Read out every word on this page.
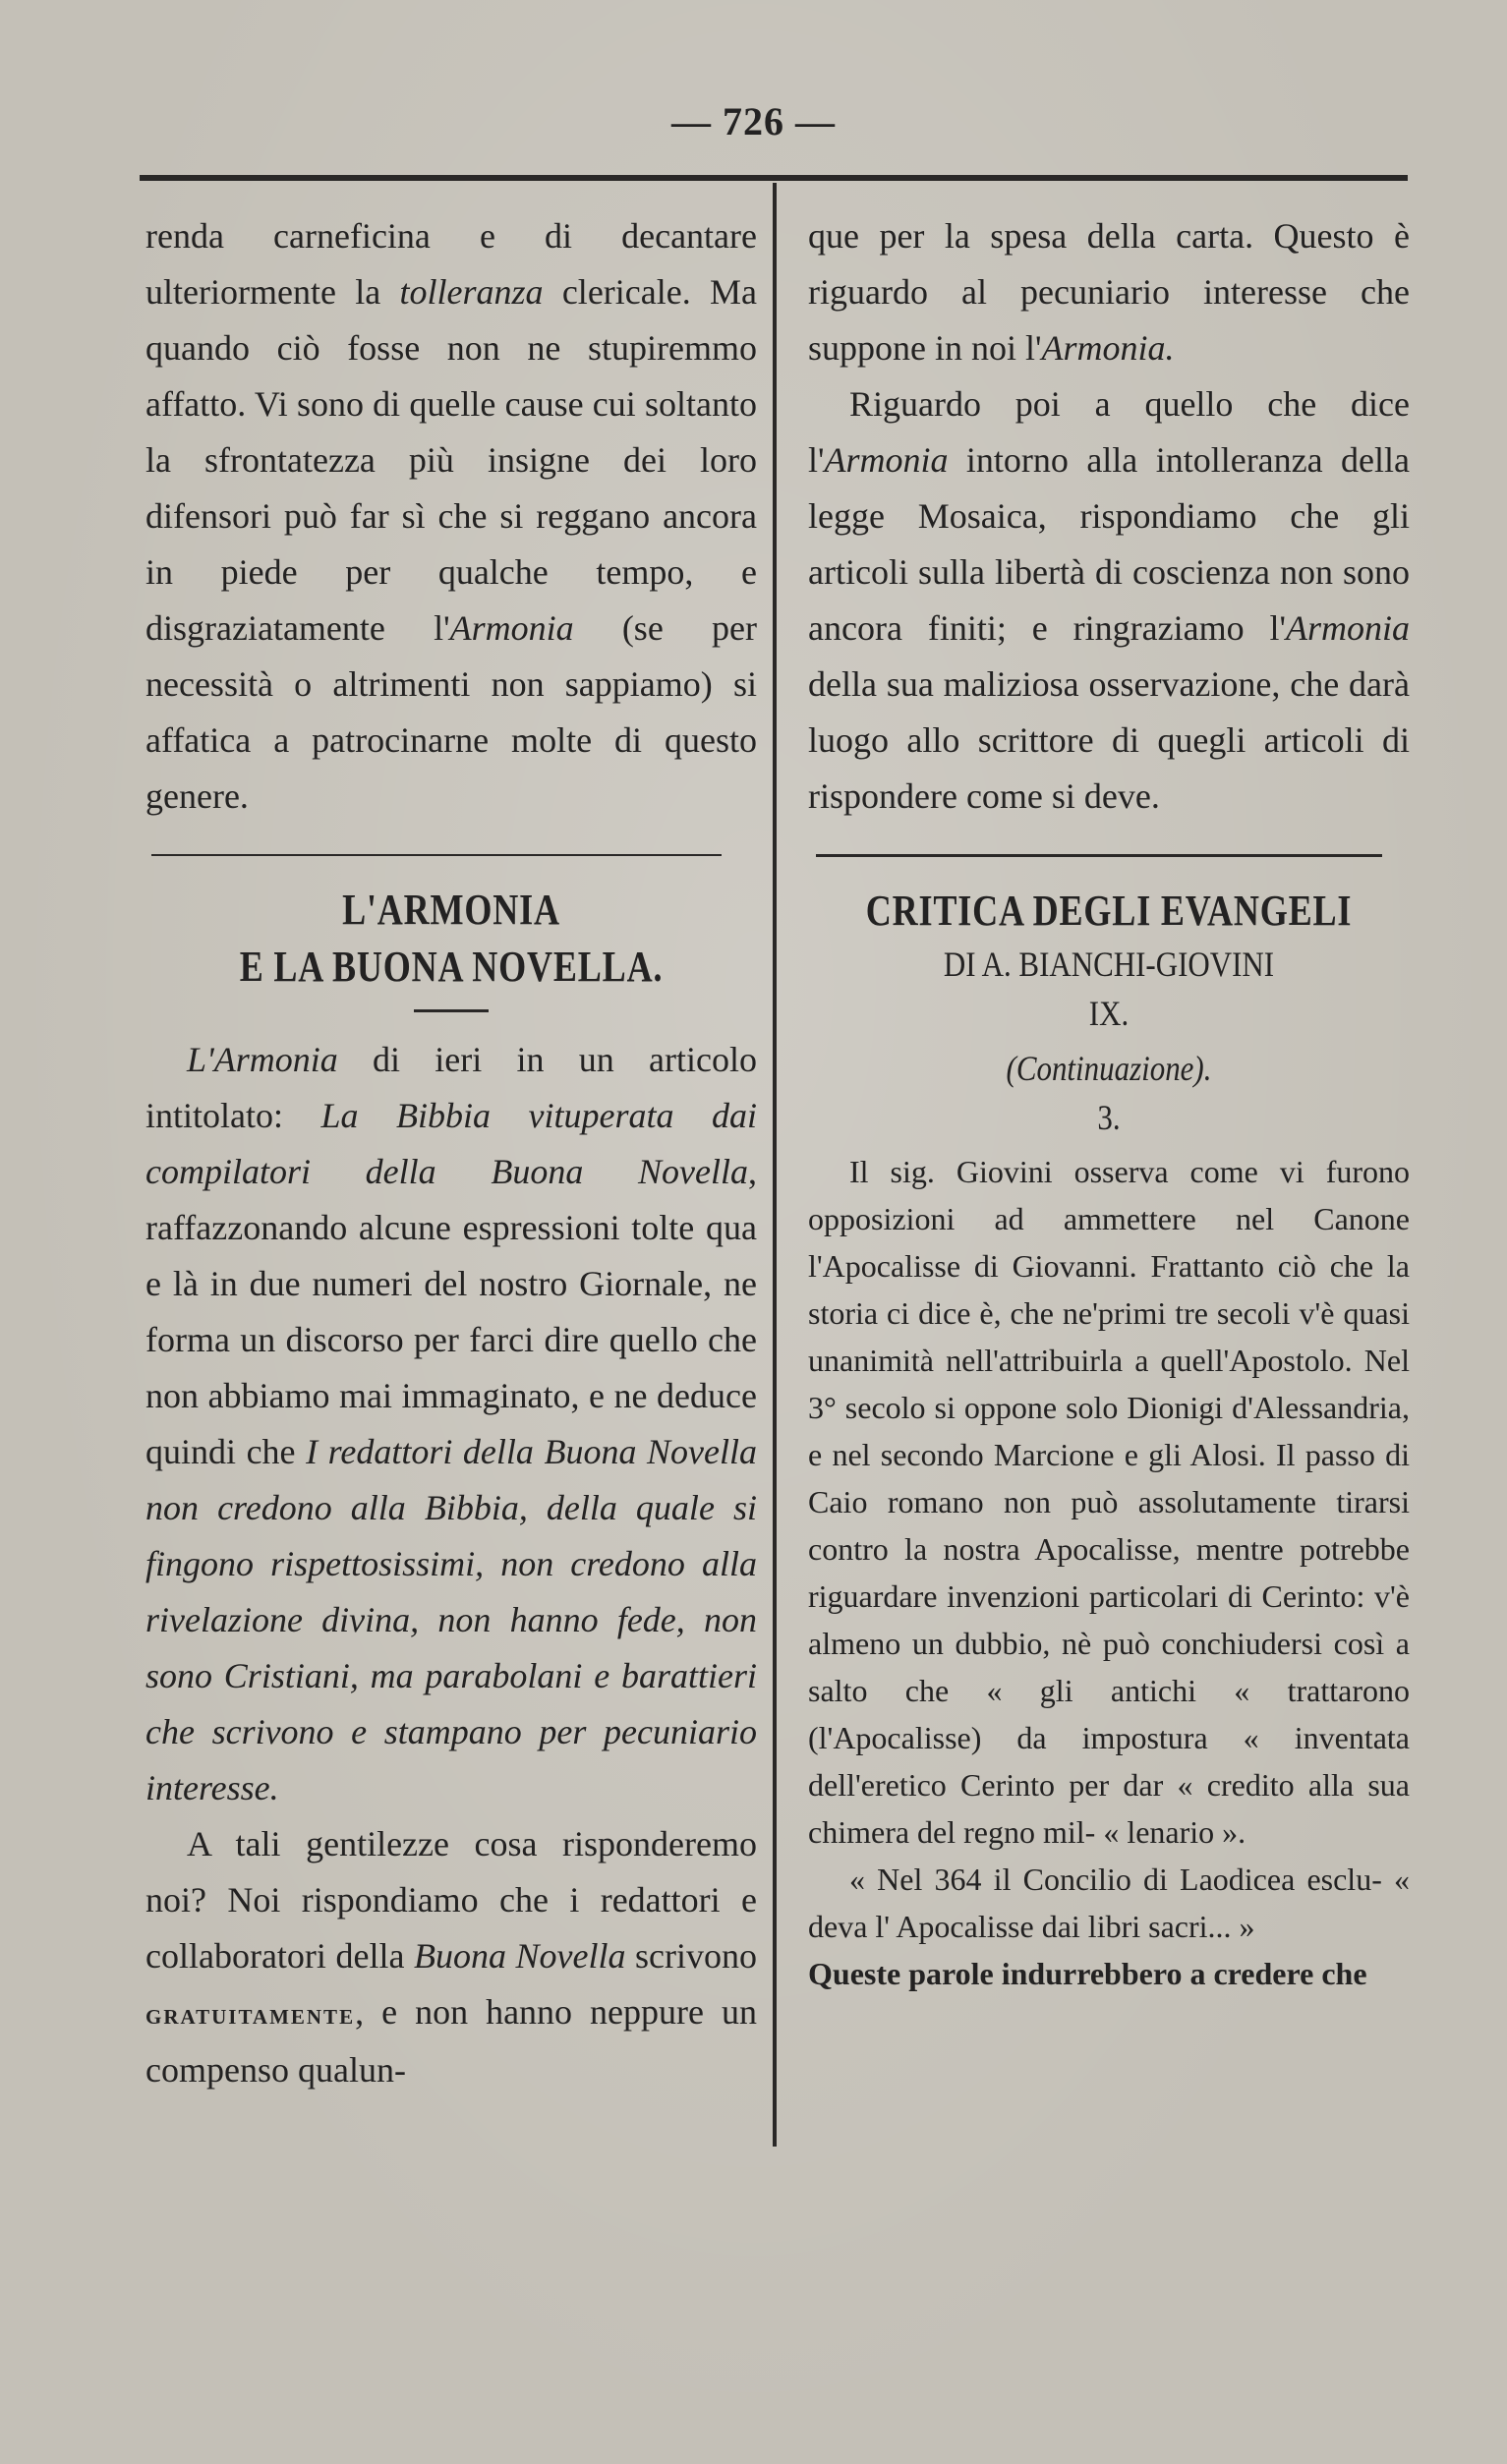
— 726 —

renda carneficina e di decantare ulteriormente la tolleranza clericale. Ma quando ciò fosse non ne stupiremmo affatto. Vi sono di quelle cause cui soltanto la sfrontatezza più insigne dei loro difensori può far sì che si reggano ancora in piede per qualche tempo, e disgraziatamente l'Armonia (se per necessità o altrimenti non sappiamo) si affatica a patrocinarne molte di questo genere.

L'ARMONIA
E LA BUONA NOVELLA.

L'Armonia di ieri in un articolo intitolato: La Bibbia vituperata dai compilatori della Buona Novella, raffazzonando alcune espressioni tolte qua e là in due numeri del nostro Giornale, ne forma un discorso per farci dire quello che non abbiamo mai immaginato, e ne deduce quindi che I redattori della Buona Novella non credono alla Bibbia, della quale si fingono rispettosissimi, non credono alla rivelazione divina, non hanno fede, non sono Cristiani, ma parabolani e barattieri che scrivono e stampano per pecuniario interesse.

A tali gentilezze cosa risponderemo noi? Noi rispondiamo che i redattori e collaboratori della Buona Novella scrivono gratuitamente, e non hanno neppure un compenso qualun-

que per la spesa della carta. Questo è riguardo al pecuniario interesse che suppone in noi l'Armonia.

Riguardo poi a quello che dice l'Armonia intorno alla intolleranza della legge Mosaica, rispondiamo che gli articoli sulla libertà di coscienza non sono ancora finiti; e ringraziamo l'Armonia della sua maliziosa osservazione, che darà luogo allo scrittore di quegli articoli di rispondere come si deve.

CRITICA DEGLI EVANGELI
DI A. BIANCHI-GIOVINI
IX.
(Continuazione).
3.

Il sig. Giovini osserva come vi furono opposizioni ad ammettere nel Canone l'Apocalisse di Giovanni. Frattanto ciò che la storia ci dice è, che ne'primi tre secoli v'è quasi unanimità nell'attribuirla a quell'Apostolo. Nel 3° secolo si oppone solo Dionigi d'Alessandria, e nel secondo Marcione e gli Alosi. Il passo di Caio romano non può assolutamente tirarsi contro la nostra Apocalisse, mentre potrebbe riguardare invenzioni particolari di Cerinto: v'è almeno un dubbio, nè può conchiudersi così a salto che « gli antichi « trattarono (l'Apocalisse) da impostura « inventata dell'eretico Cerinto per dar « credito alla sua chimera del regno mil- « lenario ».

« Nel 364 il Concilio di Laodicea esclu- « deva l' Apocalisse dai libri sacri... »

Queste parole indurrebbero a credere che
